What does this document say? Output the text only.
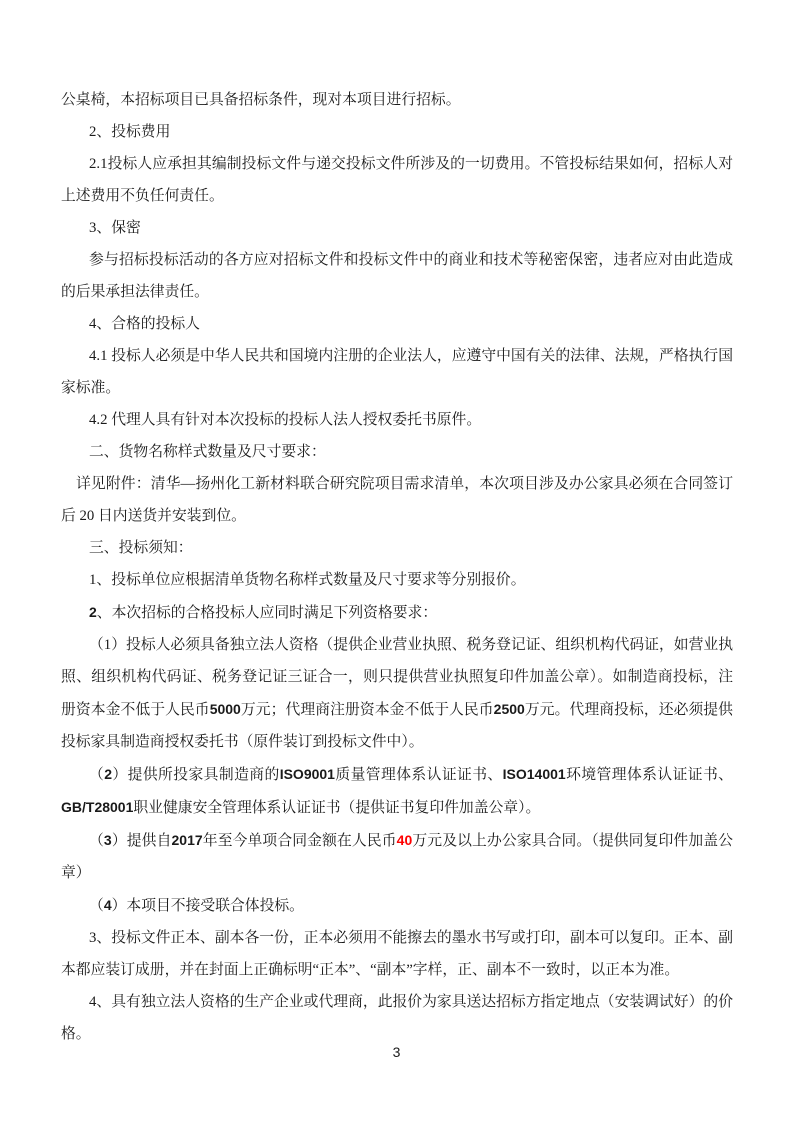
公桌椅，本招标项目已具备招标条件，现对本项目进行招标。

2、投标费用

2.1投标人应承担其编制投标文件与递交投标文件所涉及的一切费用。不管投标结果如何，招标人对上述费用不负任何责任。

3、保密

参与招标投标活动的各方应对招标文件和投标文件中的商业和技术等秘密保密，违者应对由此造成的后果承担法律责任。

4、合格的投标人

4.1 投标人必须是中华人民共和国境内注册的企业法人，应遵守中国有关的法律、法规，严格执行国家标准。

4.2 代理人具有针对本次投标的投标人法人授权委托书原件。

二、货物名称样式数量及尺寸要求：

详见附件：清华—扬州化工新材料联合研究院项目需求清单，本次项目涉及办公家具必须在合同签订后 20 日内送货并安装到位。

三、投标须知：

1、投标单位应根据清单货物名称样式数量及尺寸要求等分别报价。

2、本次招标的合格投标人应同时满足下列资格要求：

（1）投标人必须具备独立法人资格（提供企业营业执照、税务登记证、组织机构代码证，如营业执照、组织机构代码证、税务登记证三证合一，则只提供营业执照复印件加盖公章）。如制造商投标，注册资本金不低于人民币5000万元；代理商注册资本金不低于人民币2500万元。代理商投标，还必须提供投标家具制造商授权委托书（原件装订到投标文件中）。

（2）提供所投家具制造商的ISO9001质量管理体系认证证书、ISO14001环境管理体系认证证书、GB/T28001职业健康安全管理体系认证证书（提供证书复印件加盖公章）。

（3）提供自2017年至今单项合同金额在人民币40万元及以上办公家具合同。（提供同复印件加盖公章）

（4）本项目不接受联合体投标。

3、投标文件正本、副本各一份，正本必须用不能擦去的墨水书写或打印，副本可以复印。正本、副本都应装订成册，并在封面上正确标明“正本”、“副本”字样，正、副本不一致时，以正本为准。

4、具有独立法人资格的生产企业或代理商，此报价为家具送达招标方指定地点（安装调试好）的价格。

3
